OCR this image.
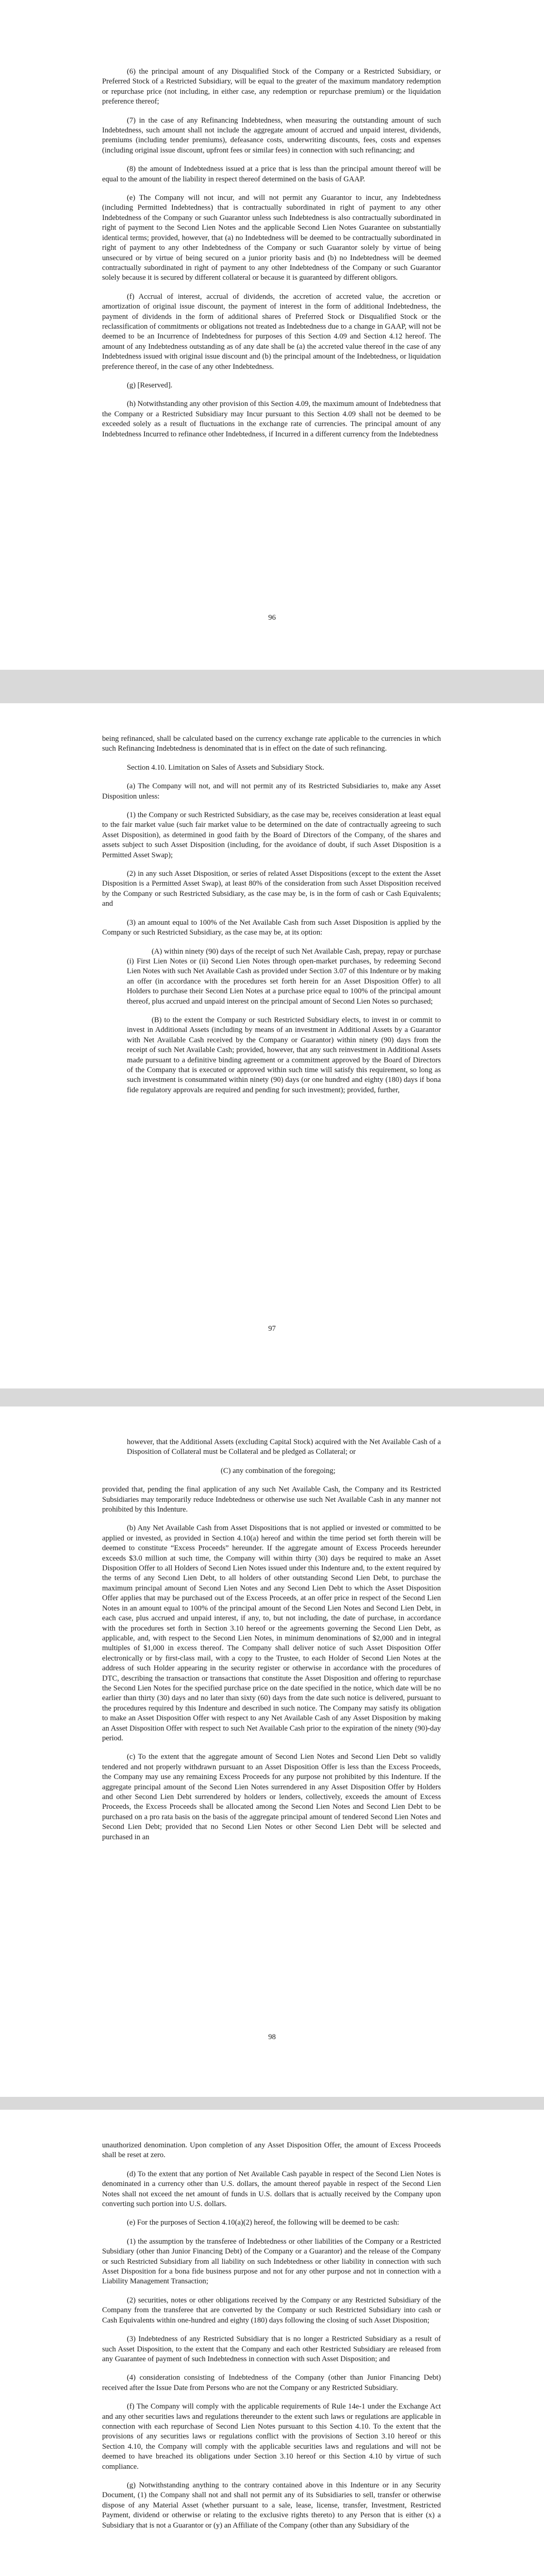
(6) the principal amount of any Disqualified Stock of the Company or a Restricted Subsidiary, or Preferred Stock of a Restricted Subsidiary, will be equal to the greater of the maximum mandatory redemption or repurchase price (not including, in either case, any redemption or repurchase premium) or the liquidation preference thereof;

(7) in the case of any Refinancing Indebtedness, when measuring the outstanding amount of such Indebtedness, such amount shall not include the aggregate amount of accrued and unpaid interest, dividends, premiums (including tender premiums), defeasance costs, underwriting discounts, fees, costs and expenses (including original issue discount, upfront fees or similar fees) in connection with such refinancing; and

(8) the amount of Indebtedness issued at a price that is less than the principal amount thereof will be equal to the amount of the liability in respect thereof determined on the basis of GAAP.

(e) The Company will not incur, and will not permit any Guarantor to incur, any Indebtedness (including Permitted Indebtedness) that is contractually subordinated in right of payment to any other Indebtedness of the Company or such Guarantor unless such Indebtedness is also contractually subordinated in right of payment to the Second Lien Notes and the applicable Second Lien Notes Guarantee on substantially identical terms; provided, however, that (a) no Indebtedness will be deemed to be contractually subordinated in right of payment to any other Indebtedness of the Company or such Guarantor solely by virtue of being unsecured or by virtue of being secured on a junior priority basis and (b) no Indebtedness will be deemed contractually subordinated in right of payment to any other Indebtedness of the Company or such Guarantor solely because it is secured by different collateral or because it is guaranteed by different obligors.

(f) Accrual of interest, accrual of dividends, the accretion of accreted value, the accretion or amortization of original issue discount, the payment of interest in the form of additional Indebtedness, the payment of dividends in the form of additional shares of Preferred Stock or Disqualified Stock or the reclassification of commitments or obligations not treated as Indebtedness due to a change in GAAP, will not be deemed to be an Incurrence of Indebtedness for purposes of this Section 4.09 and Section 4.12 hereof. The amount of any Indebtedness outstanding as of any date shall be (a) the accreted value thereof in the case of any Indebtedness issued with original issue discount and (b) the principal amount of the Indebtedness, or liquidation preference thereof, in the case of any other Indebtedness.

(g) [Reserved].

(h) Notwithstanding any other provision of this Section 4.09, the maximum amount of Indebtedness that the Company or a Restricted Subsidiary may Incur pursuant to this Section 4.09 shall not be deemed to be exceeded solely as a result of fluctuations in the exchange rate of currencies. The principal amount of any Indebtedness Incurred to refinance other Indebtedness, if Incurred in a different currency from the Indebtedness

96

being refinanced, shall be calculated based on the currency exchange rate applicable to the currencies in which such Refinancing Indebtedness is denominated that is in effect on the date of such refinancing.

Section 4.10. Limitation on Sales of Assets and Subsidiary Stock.

(a) The Company will not, and will not permit any of its Restricted Subsidiaries to, make any Asset Disposition unless:

(1) the Company or such Restricted Subsidiary, as the case may be, receives consideration at least equal to the fair market value (such fair market value to be determined on the date of contractually agreeing to such Asset Disposition), as determined in good faith by the Board of Directors of the Company, of the shares and assets subject to such Asset Disposition (including, for the avoidance of doubt, if such Asset Disposition is a Permitted Asset Swap);

(2) in any such Asset Disposition, or series of related Asset Dispositions (except to the extent the Asset Disposition is a Permitted Asset Swap), at least 80% of the consideration from such Asset Disposition received by the Company or such Restricted Subsidiary, as the case may be, is in the form of cash or Cash Equivalents; and

(3) an amount equal to 100% of the Net Available Cash from such Asset Disposition is applied by the Company or such Restricted Subsidiary, as the case may be, at its option:

(A) within ninety (90) days of the receipt of such Net Available Cash, prepay, repay or purchase (i) First Lien Notes or (ii) Second Lien Notes through open-market purchases, by redeeming Second Lien Notes with such Net Available Cash as provided under Section 3.07 of this Indenture or by making an offer (in accordance with the procedures set forth herein for an Asset Disposition Offer) to all Holders to purchase their Second Lien Notes at a purchase price equal to 100% of the principal amount thereof, plus accrued and unpaid interest on the principal amount of Second Lien Notes so purchased;

(B) to the extent the Company or such Restricted Subsidiary elects, to invest in or commit to invest in Additional Assets (including by means of an investment in Additional Assets by a Guarantor with Net Available Cash received by the Company or Guarantor) within ninety (90) days from the receipt of such Net Available Cash; provided, however, that any such reinvestment in Additional Assets made pursuant to a definitive binding agreement or a commitment approved by the Board of Directors of the Company that is executed or approved within such time will satisfy this requirement, so long as such investment is consummated within ninety (90) days (or one hundred and eighty (180) days if bona fide regulatory approvals are required and pending for such investment); provided, further,

97

however, that the Additional Assets (excluding Capital Stock) acquired with the Net Available Cash of a Disposition of Collateral must be Collateral and be pledged as Collateral; or

(C) any combination of the foregoing;

provided that, pending the final application of any such Net Available Cash, the Company and its Restricted Subsidiaries may temporarily reduce Indebtedness or otherwise use such Net Available Cash in any manner not prohibited by this Indenture.

(b) Any Net Available Cash from Asset Dispositions that is not applied or invested or committed to be applied or invested, as provided in Section 4.10(a) hereof and within the time period set forth therein will be deemed to constitute “Excess Proceeds” hereunder. If the aggregate amount of Excess Proceeds hereunder exceeds $3.0 million at such time, the Company will within thirty (30) days be required to make an Asset Disposition Offer to all Holders of Second Lien Notes issued under this Indenture and, to the extent required by the terms of any Second Lien Debt, to all holders of other outstanding Second Lien Debt, to purchase the maximum principal amount of Second Lien Notes and any Second Lien Debt to which the Asset Disposition Offer applies that may be purchased out of the Excess Proceeds, at an offer price in respect of the Second Lien Notes in an amount equal to 100% of the principal amount of the Second Lien Notes and Second Lien Debt, in each case, plus accrued and unpaid interest, if any, to, but not including, the date of purchase, in accordance with the procedures set forth in Section 3.10 hereof or the agreements governing the Second Lien Debt, as applicable, and, with respect to the Second Lien Notes, in minimum denominations of $2,000 and in integral multiples of $1,000 in excess thereof. The Company shall deliver notice of such Asset Disposition Offer electronically or by first-class mail, with a copy to the Trustee, to each Holder of Second Lien Notes at the address of such Holder appearing in the security register or otherwise in accordance with the procedures of DTC, describing the transaction or transactions that constitute the Asset Disposition and offering to repurchase the Second Lien Notes for the specified purchase price on the date specified in the notice, which date will be no earlier than thirty (30) days and no later than sixty (60) days from the date such notice is delivered, pursuant to the procedures required by this Indenture and described in such notice. The Company may satisfy its obligation to make an Asset Disposition Offer with respect to any Net Available Cash of any Asset Disposition by making an Asset Disposition Offer with respect to such Net Available Cash prior to the expiration of the ninety (90)-day period.

(c) To the extent that the aggregate amount of Second Lien Notes and Second Lien Debt so validly tendered and not properly withdrawn pursuant to an Asset Disposition Offer is less than the Excess Proceeds, the Company may use any remaining Excess Proceeds for any purpose not prohibited by this Indenture. If the aggregate principal amount of the Second Lien Notes surrendered in any Asset Disposition Offer by Holders and other Second Lien Debt surrendered by holders or lenders, collectively, exceeds the amount of Excess Proceeds, the Excess Proceeds shall be allocated among the Second Lien Notes and Second Lien Debt to be purchased on a pro rata basis on the basis of the aggregate principal amount of tendered Second Lien Notes and Second Lien Debt; provided that no Second Lien Notes or other Second Lien Debt will be selected and purchased in an

98

unauthorized denomination. Upon completion of any Asset Disposition Offer, the amount of Excess Proceeds shall be reset at zero.

(d) To the extent that any portion of Net Available Cash payable in respect of the Second Lien Notes is denominated in a currency other than U.S. dollars, the amount thereof payable in respect of the Second Lien Notes shall not exceed the net amount of funds in U.S. dollars that is actually received by the Company upon converting such portion into U.S. dollars.

(e) For the purposes of Section 4.10(a)(2) hereof, the following will be deemed to be cash:

(1) the assumption by the transferee of Indebtedness or other liabilities of the Company or a Restricted Subsidiary (other than Junior Financing Debt) of the Company or a Guarantor) and the release of the Company or such Restricted Subsidiary from all liability on such Indebtedness or other liability in connection with such Asset Disposition for a bona fide business purpose and not for any other purpose and not in connection with a Liability Management Transaction;

(2) securities, notes or other obligations received by the Company or any Restricted Subsidiary of the Company from the transferee that are converted by the Company or such Restricted Subsidiary into cash or Cash Equivalents within one-hundred and eighty (180) days following the closing of such Asset Disposition;

(3) Indebtedness of any Restricted Subsidiary that is no longer a Restricted Subsidiary as a result of such Asset Disposition, to the extent that the Company and each other Restricted Subsidiary are released from any Guarantee of payment of such Indebtedness in connection with such Asset Disposition; and

(4) consideration consisting of Indebtedness of the Company (other than Junior Financing Debt) received after the Issue Date from Persons who are not the Company or any Restricted Subsidiary.

(f) The Company will comply with the applicable requirements of Rule 14e-1 under the Exchange Act and any other securities laws and regulations thereunder to the extent such laws or regulations are applicable in connection with each repurchase of Second Lien Notes pursuant to this Section 4.10. To the extent that the provisions of any securities laws or regulations conflict with the provisions of Section 3.10 hereof or this Section 4.10, the Company will comply with the applicable securities laws and regulations and will not be deemed to have breached its obligations under Section 3.10 hereof or this Section 4.10 by virtue of such compliance.

(g) Notwithstanding anything to the contrary contained above in this Indenture or in any Security Document, (1) the Company shall not and shall not permit any of its Subsidiaries to sell, transfer or otherwise dispose of any Material Asset (whether pursuant to a sale, lease, license, transfer, Investment, Restricted Payment, dividend or otherwise or relating to the exclusive rights thereto) to any Person that is either (x) a Subsidiary that is not a Guarantor or (y) an Affiliate of the Company (other than any Subsidiary of the
